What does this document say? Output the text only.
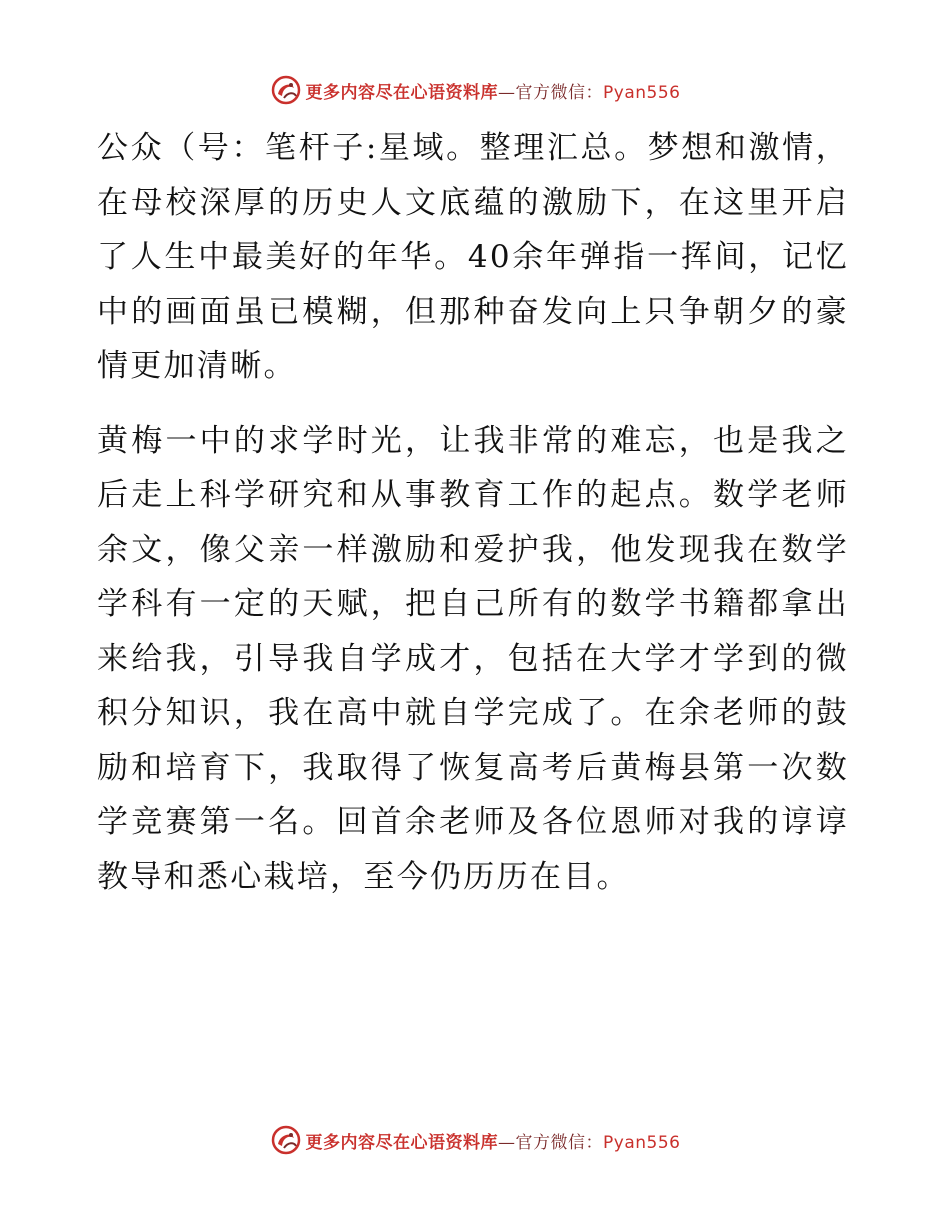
更多内容尽在心语资料库—官方微信：Pyan556

公众（号：笔杆子:星域。整理汇总。梦想和激情，在母校深厚的历史人文底蕴的激励下，在这里开启了人生中最美好的年华。40余年弹指一挥间，记忆中的画面虽已模糊，但那种奋发向上只争朝夕的豪情更加清晰。

黄梅一中的求学时光，让我非常的难忘，也是我之后走上科学研究和从事教育工作的起点。数学老师余文，像父亲一样激励和爱护我，他发现我在数学学科有一定的天赋，把自己所有的数学书籍都拿出来给我，引导我自学成才，包括在大学才学到的微积分知识，我在高中就自学完成了。在余老师的鼓励和培育下，我取得了恢复高考后黄梅县第一次数学竞赛第一名。回首余老师及各位恩师对我的谆谆教导和悉心栽培，至今仍历历在目。

更多内容尽在心语资料库—官方微信：Pyan556
